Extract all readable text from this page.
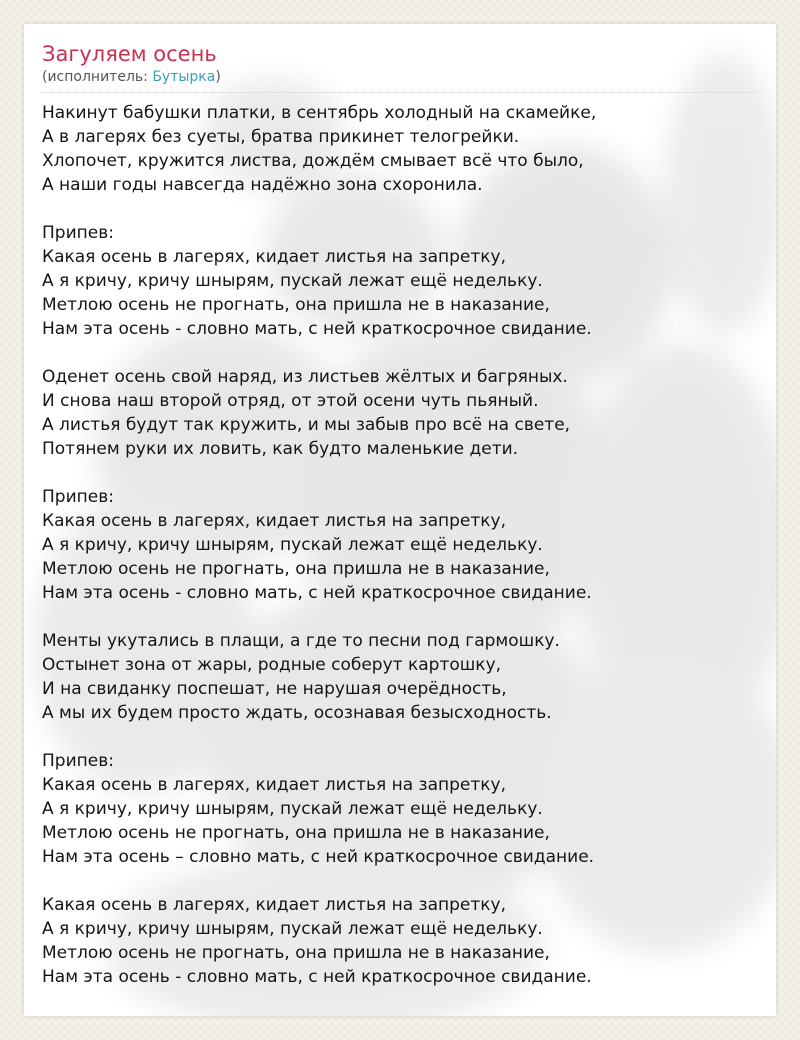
Загуляем осень
(исполнитель: Бутырка)
Накинут бабушки платки, в сентябрь холодный на скамейке,
А в лагерях без суеты, братва прикинет телогрейки.
Хлопочет, кружится листва, дождём смывает всё что было,
А наши годы навсегда надёжно зона схоронила.
Припев:
Какая осень в лагерях, кидает листья на запретку,
А я кричу, кричу шнырям, пускай лежат ещё недельку.
Метлою осень не прогнать, она пришла не в наказание,
Нам эта осень - словно мать, с ней краткосрочное свидание.
Оденет осень свой наряд, из листьев жёлтых и багряных.
И снова наш второй отряд, от этой осени чуть пьяный.
А листья будут так кружить, и мы забыв про всё на свете,
Потянем руки их ловить, как будто маленькие дети.
Припев:
Какая осень в лагерях, кидает листья на запретку,
А я кричу, кричу шнырям, пускай лежат ещё недельку.
Метлою осень не прогнать, она пришла не в наказание,
Нам эта осень - словно мать, с ней краткосрочное свидание.
Менты укутались в плащи, а где то песни под гармошку.
Остынет зона от жары, родные соберут картошку,
И на свиданку поспешат, не нарушая очерёдность,
А мы их будем просто ждать, осознавая безысходность.
Припев:
Какая осень в лагерях, кидает листья на запретку,
А я кричу, кричу шнырям, пускай лежат ещё недельку.
Метлою осень не прогнать, она пришла не в наказание,
Нам эта осень – словно мать, с ней краткосрочное свидание.
Какая осень в лагерях, кидает листья на запретку,
А я кричу, кричу шнырям, пускай лежат ещё недельку.
Метлою осень не прогнать, она пришла не в наказание,
Нам эта осень - словно мать, с ней краткосрочное свидание.
